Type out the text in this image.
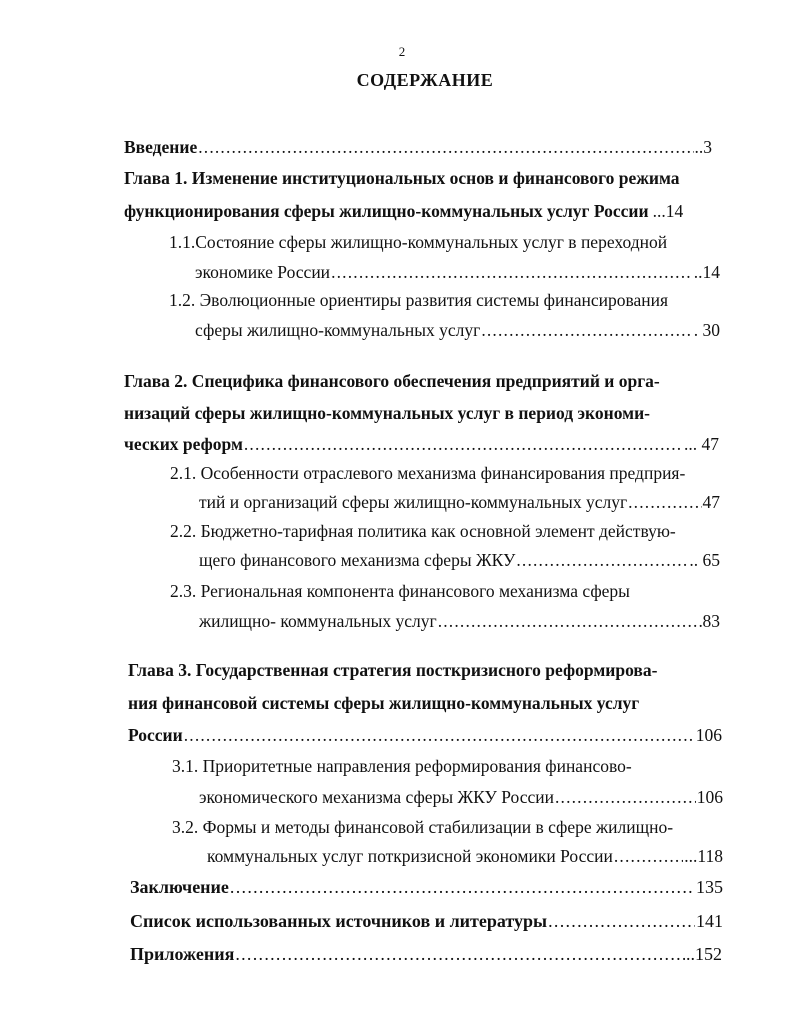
2
СОДЕРЖАНИЕ
Введение . . .	..3
Глава 1. Изменение институциональных основ и финансового режима
функционирования сферы жилищно-коммунальных услуг России ...14
1.1.Состояние сферы жилищно-коммунальных услуг в переходной
экономике России . . .	..14
1.2. Эволюционные ориентиры развития системы финансирования
сферы жилищно-коммунальных услуг . . .	. 30
Глава 2. Специфика финансового обеспечения предприятий и орга-
низаций сферы жилищно-коммунальных услуг в период экономи-
ческих реформ . . .	... 47
2.1. Особенности отраслевого механизма финансирования предприя-
тий и организаций сферы жилищно-коммунальных услуг . . .	47
2.2. Бюджетно-тарифная политика как основной элемент действую-
щего финансового механизма сферы ЖКУ . . .	.. 65
2.3. Региональная компонента финансового механизма сферы
жилищно- коммунальных услуг . . .	83
Глава 3. Государственная стратегия посткризисного реформирова-
ния финансовой системы сферы жилищно-коммунальных услуг
России . . .	106
3.1. Приоритетные направления реформирования финансово-
экономического механизма сферы ЖКУ России . . .	106
3.2. Формы и методы финансовой стабилизации в сфере жилищно-
коммунальных услуг поткризисной экономики России . . .	...118
Заключение . . .	135
Список использованных источников и литературы . . .	141
Приложения . . .	..152
